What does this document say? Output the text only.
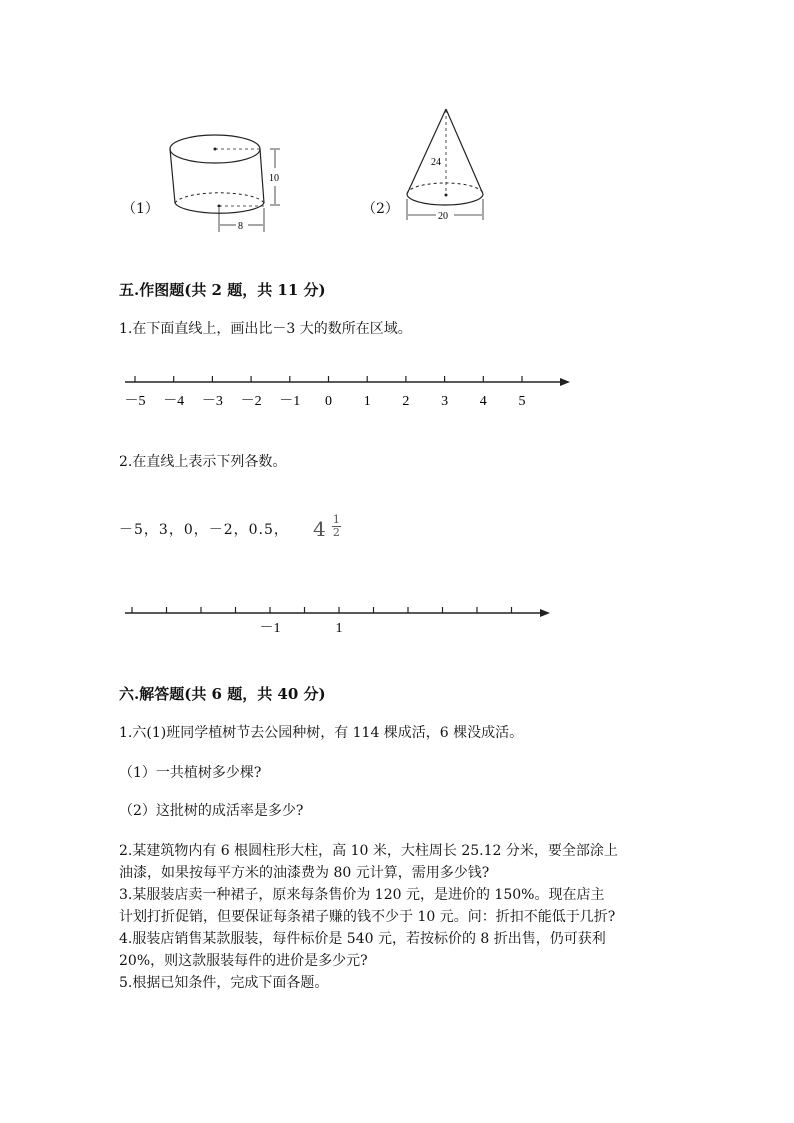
（1）
10
8
（2）
24
20
五.作图题(共 2 题，共 11 分)
1.在下面直线上，画出比－3 大的数所在区域。
－5 －4 －3 －2 －1 0 1 2 3 4 5
2.在直线上表示下列各数。
－5，3，0，－2，0.5， $4 \frac{1}{2}$
－1	1
六.解答题(共 6 题，共 40 分)
1.六(1)班同学植树节去公园种树，有 114 棵成活，6 棵没成活。
（1）一共植树多少棵?
（2）这批树的成活率是多少?
2.某建筑物内有 6 根圆柱形大柱，高 10 米，大柱周长 25.12 分米，要全部涂上
油漆，如果按每平方米的油漆费为 80 元计算，需用多少钱?
3.某服装店卖一种裙子，原来每条售价为 120 元，是进价的 150%。现在店主
计划打折促销，但要保证每条裙子赚的钱不少于 10 元。问：折扣不能低于几折?
4.服装店销售某款服装，每件标价是 540 元，若按标价的 8 折出售，仍可获利
20%，则这款服装每件的进价是多少元?
5.根据已知条件，完成下面各题。
